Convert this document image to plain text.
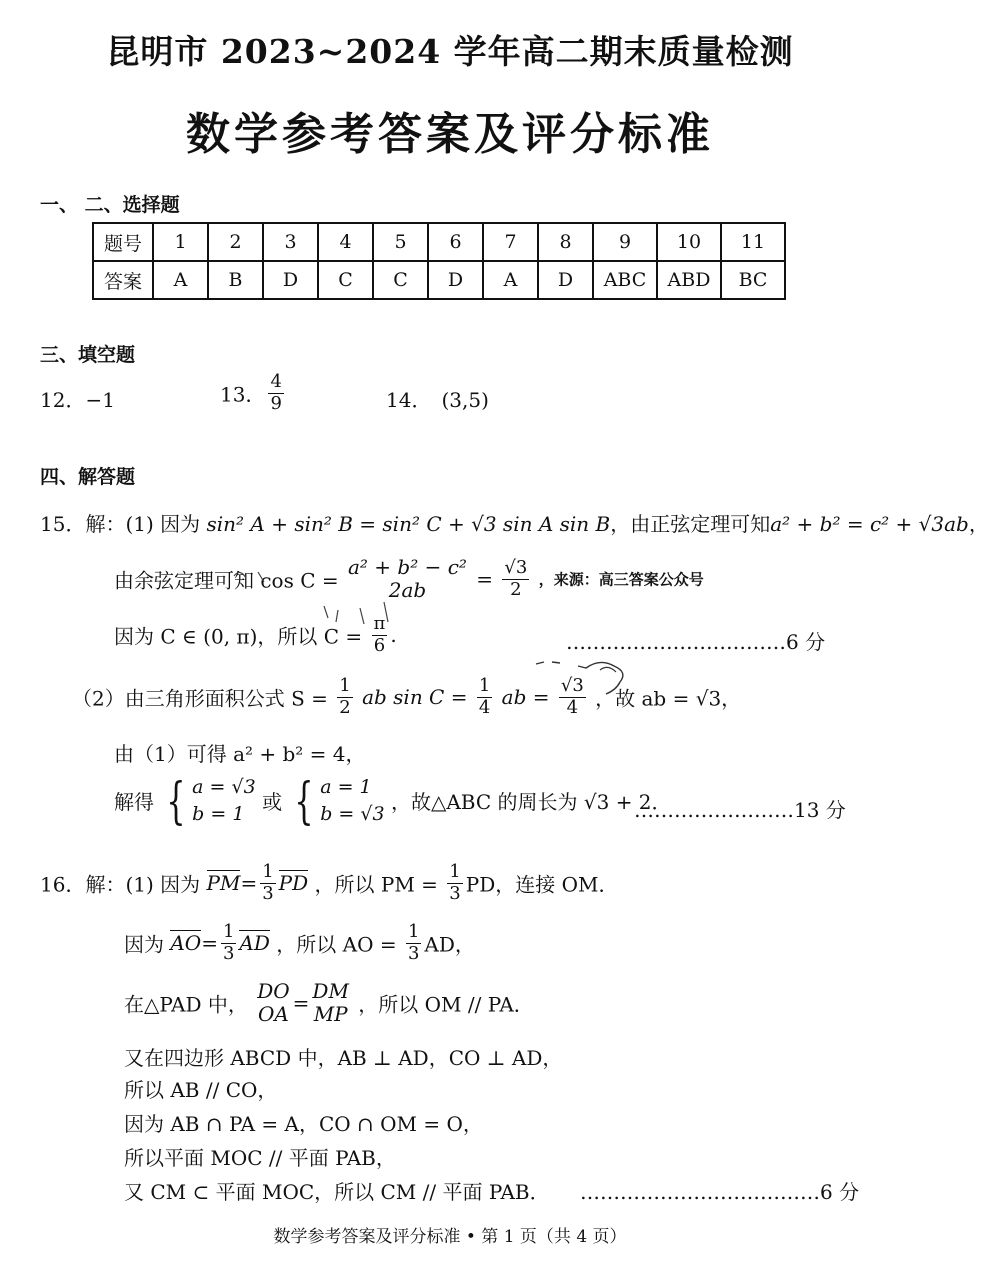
昆明市 2023~2024 学年高二期末质量检测
数学参考答案及评分标准
一、 二、选择题
题号	1	2	3	4	5	6	7	8	9	10	11
答案	A	B	D	C	C	D	A	D	ABC	ABD	BC
三、填空题
12．−1	13． $\frac{4}{9}$	14． (3,5)
四、解答题
15．解：(1) 因为 sin² A + sin² B = sin² C + √3 sin A sin B，由正弦定理可知a² + b² = c² + √3ab，
由余弦定理可知 cos C =
a² + b² − c²
2ab	= $\frac{√3}{2}$ ，来源：高三答案公众号
因为 C ∈ (0, π)，所以 $C = \frac{\pi}{6}$ .	……………………………6 分
（2）由三角形面积公式 $S = \frac{1}{2}$ ab $\sin C = \frac{1}{4}$ ab = $\frac{√3}{4}$ ，故 ab = √3，
由（1）可得 a² + b² = 4，
解得 { a = √3
b = 1 或 { a = 1
b = √3 ，故△ABC 的周长为 √3 + 2．
……………………13 分
16．解：(1) 因为 $PM= \frac{1}{3}$ PD ，所以 PM = $\frac{1}{3}$ PD，连接 OM．
因为 $AO= \frac{1}{3}$ AD ，所以 AO = $\frac{1}{3}$ AD，
在△PAD 中，
DO
OA = DM
MP ，所以 OM // PA．
又在四边形 ABCD 中，AB ⊥ AD，CO ⊥ AD，
所以 AB // CO，
因为 AB ∩ PA = A，CO ∩ OM = O，
所以平面 MOC // 平面 PAB，
又 CM ⊂ 平面 MOC，所以 CM // 平面 PAB． ………………………………6 分
数学参考答案及评分标准 • 第 1 页（共 4 页）
